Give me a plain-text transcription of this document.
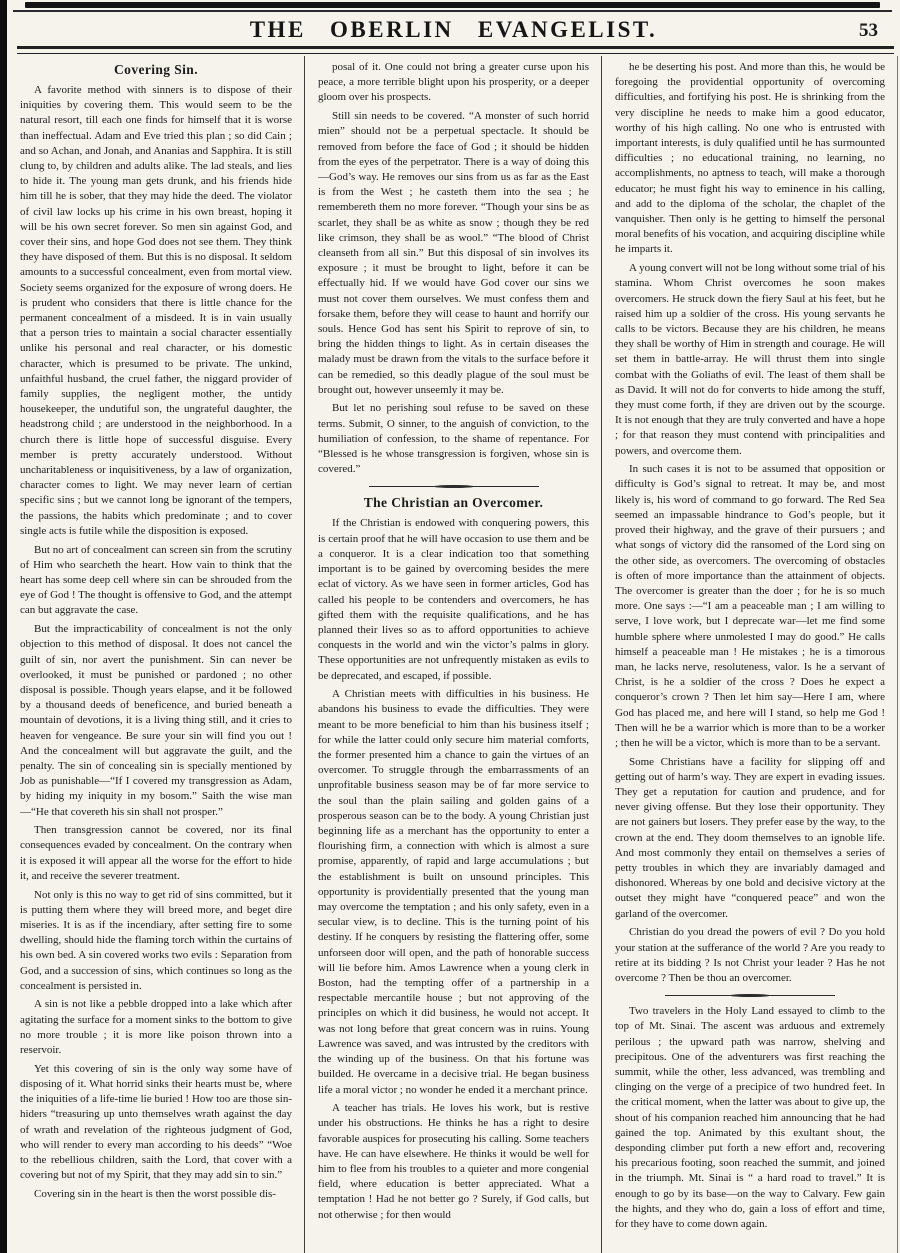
THE OBERLIN EVANGELIST.	53
Covering Sin.

A favorite method with sinners is to dispose of their iniquities by covering them. This would seem to be the natural resort, till each one finds for himself that it is worse than ineffectual. Adam and Eve tried this plan ; so did Cain ; and so Achan, and Jonah, and Ananias and Sapphira. It is still clung to, by children and adults alike. The lad steals, and lies to hide it. The young man gets drunk, and his friends hide him till he is sober, that they may hide the deed. The violator of civil law locks up his crime in his own breast, hoping it will be his own secret forever. So men sin against God, and cover their sins, and hope God does not see them. They think they have disposed of them. But this is no disposal. It seldom amounts to a successful concealment, even from mortal view. Society seems organized for the exposure of wrong doers. He is prudent who considers that there is little chance for the permanent concealment of a misdeed. It is in vain usually that a person tries to maintain a social character essentially unlike his personal and real character, or his domestic character, which is presumed to be private. The unkind, unfaithful husband, the cruel father, the niggard provider of family supplies, the negligent mother, the untidy housekeeper, the undutiful son, the ungrateful daughter, the headstrong child ; are understood in the neighborhood. In a church there is little hope of successful disguise. Every member is pretty accurately understood. Without uncharitableness or inquisitiveness, by a law of organization, character comes to light. We may never learn of certian specific sins ; but we cannot long be ignorant of the tempers, the passions, the habits which predominate ; and to cover single acts is futile while the disposition is exposed.

But no art of concealment can screen sin from the scrutiny of Him who searcheth the heart. How vain to think that the heart has some deep cell where sin can be shrouded from the eye of God ! The thought is offensive to God, and the attempt can but aggravate the case.

But the impracticability of concealment is not the only objection to this method of disposal. It does not cancel the guilt of sin, nor avert the punishment. Sin can never be overlooked, it must be punished or pardoned ; no other disposal is possible. Though years elapse, and it be followed by a thousand deeds of beneficence, and buried beneath a mountain of devotions, it is a living thing still, and it cries to heaven for vengeance. Be sure your sin will find you out ! And the concealment will but aggravate the guilt, and the penalty. The sin of concealing sin is specially mentioned by Job as punishable—“If I covered my transgression as Adam, by hiding my iniquity in my bosom.” Saith the wise man—“He that covereth his sin shall not prosper.”

Then transgression cannot be covered, nor its final consequences evaded by concealment. On the contrary when it is exposed it will appear all the worse for the effort to hide it, and receive the severer treatment.

Not only is this no way to get rid of sins committed, but it is putting them where they will breed more, and beget dire miseries. It is as if the incendiary, after setting fire to some dwelling, should hide the flaming torch within the curtains of his own bed. A sin covered works two evils : Separation from God, and a succession of sins, which continues so long as the concealment is persisted in.

A sin is not like a pebble dropped into a lake which after agitating the surface for a moment sinks to the bottom to give no more trouble ; it is more like poison thrown into a reservoir.

Yet this covering of sin is the only way some have of disposing of it. What horrid sinks their hearts must be, where the iniquities of a life-time lie buried ! How too are those sin-hiders “treasuring up unto themselves wrath against the day of wrath and revelation of the righteous judgment of God, who will render to every man according to his deeds” “Woe to the rebellious children, saith the Lord, that cover with a covering but not of my Spirit, that they may add sin to sin.”

Covering sin in the heart is then the worst possible dis-

posal of it. One could not bring a greater curse upon his peace, a more terrible blight upon his prosperity, or a deeper gloom over his prospects.

Still sin needs to be covered. “A monster of such horrid mien” should not be a perpetual spectacle. It should be removed from before the face of God ; it should be hidden from the eyes of the perpetrator. There is a way of doing this—God’s way. He removes our sins from us as far as the East is from the West ; he casteth them into the sea ; he remembereth them no more forever. “Though your sins be as scarlet, they shall be as white as snow ; though they be red like crimson, they shall be as wool.” “The blood of Christ cleanseth from all sin.” But this disposal of sin involves its exposure ; it must be brought to light, before it can be effectually hid. If we would have God cover our sins we must not cover them ourselves. We must confess them and forsake them, before they will cease to haunt and horrify our souls. Hence God has sent his Spirit to reprove of sin, to bring the hidden things to light. As in certain diseases the malady must be drawn from the vitals to the surface before it can be remedied, so this deadly plague of the soul must be brought out, however unseemly it may be.

But let no perishing soul refuse to be saved on these terms. Submit, O sinner, to the anguish of conviction, to the humiliation of confession, to the shame of repentance. For “Blessed is he whose transgression is forgiven, whose sin is covered.”

The Christian an Overcomer.

If the Christian is endowed with conquering powers, this is certain proof that he will have occasion to use them and be a conqueror. It is a clear indication too that something important is to be gained by overcoming besides the mere eclat of victory. As we have seen in former articles, God has called his people to be contenders and overcomers, he has gifted them with the requisite qualifications, and he has planned their lives so as to afford opportunities to achieve conquests in the world and win the victor’s palms in glory. These opportunities are not unfrequently mistaken as evils to be deprecated, and escaped, if possible.

A Christian meets with difficulties in his business. He abandons his business to evade the difficulties. They were meant to be more beneficial to him than his business itself ; for while the latter could only secure him material comforts, the former presented him a chance to gain the virtues of an overcomer. To struggle through the embarrassments of an unprofitable business season may be of far more service to the soul than the plain sailing and golden gains of a prosperous season can be to the body. A young Christian just beginning life as a merchant has the opportunity to enter a flourishing firm, a connection with which is almost a sure promise, apparently, of rapid and large accumulations ; but the establishment is built on unsound principles. This opportunity is providentially presented that the young man may overcome the temptation ; and his only safety, even in a secular view, is to decline. This is the turning point of his destiny. If he conquers by resisting the flattering offer, some unforseen door will open, and the path of honorable success will lie before him. Amos Lawrence when a young clerk in Boston, had the tempting offer of a partnership in a respectable mercantile house ; but not approving of the principles on which it did business, he would not accept. It was not long before that great concern was in ruins. Young Lawrence was saved, and was intrusted by the creditors with the winding up of the business. On that his fortune was builded. He overcame in a decisive trial. He began business life a moral victor ; no wonder he ended it a merchant prince.

A teacher has trials. He loves his work, but is restive under his obstructions. He thinks he has a right to desire favorable auspices for prosecuting his calling. Some teachers have. He can have elsewhere. He thinks it would be well for him to flee from his troubles to a quieter and more congenial field, where education is better appreciated. What a temptation ! Had he not better go ? Surely, if God calls, but not otherwise ; for then would

he be deserting his post. And more than this, he would be foregoing the providential opportunity of overcoming difficulties, and fortifying his post. He is shrinking from the very discipline he needs to make him a good educator, worthy of his high calling. No one who is entrusted with important interests, is duly qualified until he has surmounted difficulties ; no educational training, no learning, no accomplishments, no aptness to teach, will make a thorough educator; he must fight his way to eminence in his calling, and add to the diploma of the scholar, the chaplet of the vanquisher. Then only is he getting to himself the personal moral benefits of his vocation, and acquiring discipline while he imparts it.

A young convert will not be long without some trial of his stamina. Whom Christ overcomes he soon makes overcomers. He struck down the fiery Saul at his feet, but he raised him up a soldier of the cross. His young servants he calls to be victors. Because they are his children, he means they shall be worthy of Him in strength and courage. He will set them in battle-array. He will thrust them into single combat with the Goliaths of evil. The least of them shall be as David. It will not do for converts to hide among the stuff, they must come forth, if they are driven out by the scourge. It is not enough that they are truly converted and have a hope ; for that reason they must contend with principalities and powers, and overcome them.

In such cases it is not to be assumed that opposition or difficulty is God’s signal to retreat. It may be, and most likely is, his word of command to go forward. The Red Sea seemed an impassable hindrance to God’s people, but it proved their highway, and the grave of their pursuers ; and what songs of victory did the ransomed of the Lord sing on the other side, as overcomers. The overcoming of obstacles is often of more importance than the attainment of objects. The overcomer is greater than the doer ; for he is so much more. One says :—“I am a peaceable man ; I am willing to serve, I love work, but I deprecate war—let me find some humble sphere where unmolested I may do good.” He calls himself a peaceable man ! He mistakes ; he is a timorous man, he lacks nerve, resoluteness, valor. Is he a servant of Christ, is he a soldier of the cross ? Does he expect a conqueror’s crown ? Then let him say—Here I am, where God has placed me, and here will I stand, so help me God ! Then will he be a warrior which is more than to be a worker ; then he will be a victor, which is more than to be a servant.

Some Christians have a facility for slipping off and getting out of harm’s way. They are expert in evading issues. They get a reputation for caution and prudence, and for never giving offense. But they lose their opportunity. They are not gainers but losers. They prefer ease by the way, to the crown at the end. They doom themselves to an ignoble life. And most commonly they entail on themselves a series of petty troubles in which they are invariably damaged and dishonored. Whereas by one bold and decisive victory at the outset they might have “conquered peace” and won the garland of the overcomer.

Christian do you dread the powers of evil ? Do you hold your station at the sufferance of the world ? Are you ready to retire at its bidding ? Is not Christ your leader ? Has he not overcome ? Then be thou an overcomer.

Two travelers in the Holy Land essayed to climb to the top of Mt. Sinai. The ascent was arduous and extremely perilous ; the upward path was narrow, shelving and precipitous. One of the adventurers was first reaching the summit, while the other, less advanced, was trembling and clinging on the verge of a precipice of two hundred feet. In the critical moment, when the latter was about to give up, the shout of his companion reached him announcing that he had gained the top. Animated by this exultant shout, the desponding climber put forth a new effort and, recovering his precarious footing, soon reached the summit, and joined in the triumph. Mt. Sinai is “ a hard road to travel.” It is enough to go by its base—on the way to Calvary. Few gain the hights, and they who do, gain a loss of effort and time, for they have to come down again.
